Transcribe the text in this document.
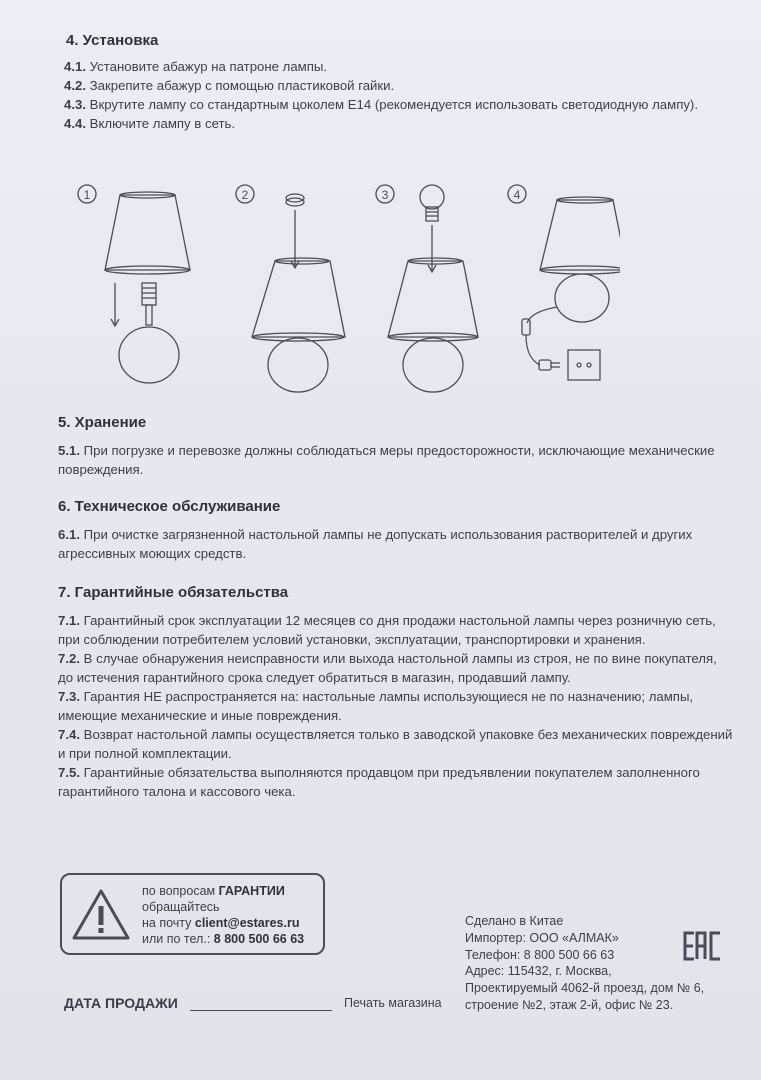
4. Установка

4.1. Установите абажур на патроне лампы.

4.2. Закрепите абажур с помощью пластиковой гайки.

4.3. Вкрутите лампу со стандартным цоколем Е14 (рекомендуется использовать светодиодную лампу).

4.4. Включите лампу в сеть.

1	2	3	4
5. Хранение

5.1. При погрузке и перевозке должны соблюдаться меры предосторожности, исключающие механические повреждения.

6. Техническое обслуживание

6.1. При очистке загрязненной настольной лампы не допускать использования растворителей и других агрессивных моющих средств.

7. Гарантийные обязательства

7.1. Гарантийный срок эксплуатации 12 месяцев со дня продажи настольной лампы через розничную сеть, при соблюдении потребителем условий установки, эксплуатации, транспортировки и хранения.

7.2. В случае обнаружения неисправности или выхода настольной лампы из строя, не по вине покупателя, до истечения гарантийного срока следует обратиться в магазин, продавший лампу.

7.3. Гарантия НЕ распространяется на: настольные лампы использующиеся не по назначению; лампы, имеющие механические и иные повреждения.

7.4. Возврат настольной лампы осуществляется только в заводской упаковке без механических повреждений и при полной комплектации.

7.5. Гарантийные обязательства выполняются продавцом при предъявлении покупателем заполненного гарантийного талона и кассового чека.

по вопросам ГАРАНТИИ
обращайтесь
на почту client@estares.ru
или по тел.: 8 800 500 66 63
ДАТА ПРОДАЖИ	Печать магазина
Сделано в Китае
Импортер: ООО «АЛМАК»
Телефон: 8 800 500 66 63
Адрес: 115432, г. Москва,
Проектируемый 4062-й проезд, дом № 6,
строение №2, этаж 2-й, офис № 23.
